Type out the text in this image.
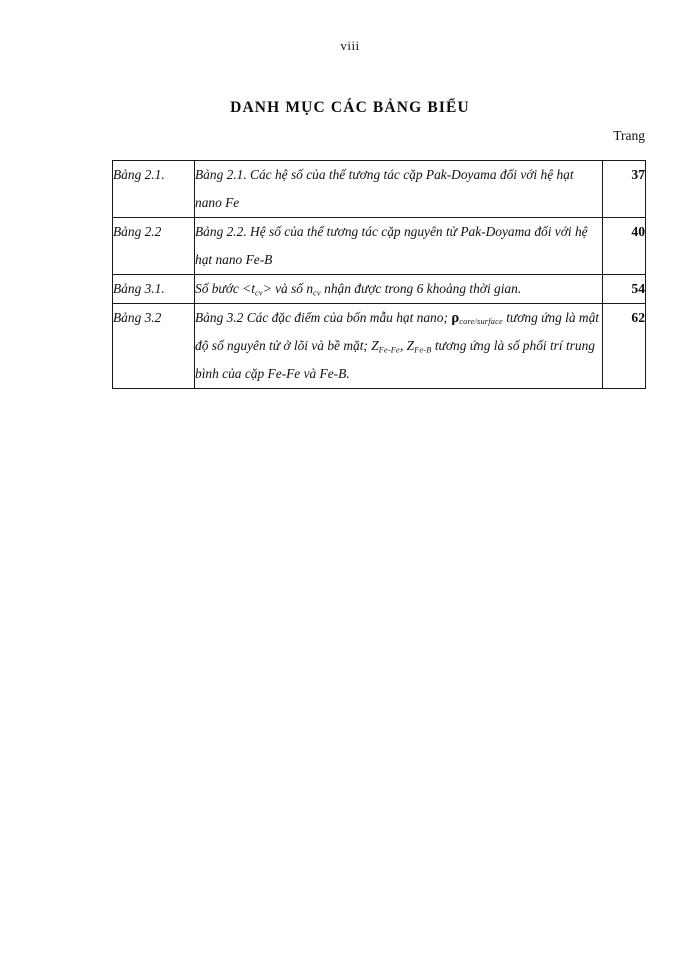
viii
DANH MỤC CÁC BẢNG BIỂU
Trang
Bảng 2.1.	Bảng 2.1. Các hệ số của thế tương tác cặp Pak-Doyama đối với hệ hạt nano Fe	37
Bảng 2.2	Bảng 2.2. Hệ số của thế tương tác cặp nguyên tử Pak-Doyama đối với hệ hạt nano Fe-B	40
Bảng 3.1.	Số bước $<t_{cv}>$ và số $n_{cv}$ nhận được trong 6 khoảng thời gian.	54
Bảng 3.2	Bảng 3.2 Các đặc điểm của bốn mẫu hạt nano; $\rho_{core/surface}$ tương ứng là mật độ số nguyên tử ở lõi và bề mặt; $Z_{Fe-Fe}$, $Z_{Fe-B}$ tương ứng là số phối trí trung bình của cặp Fe-Fe và Fe-B.	62
